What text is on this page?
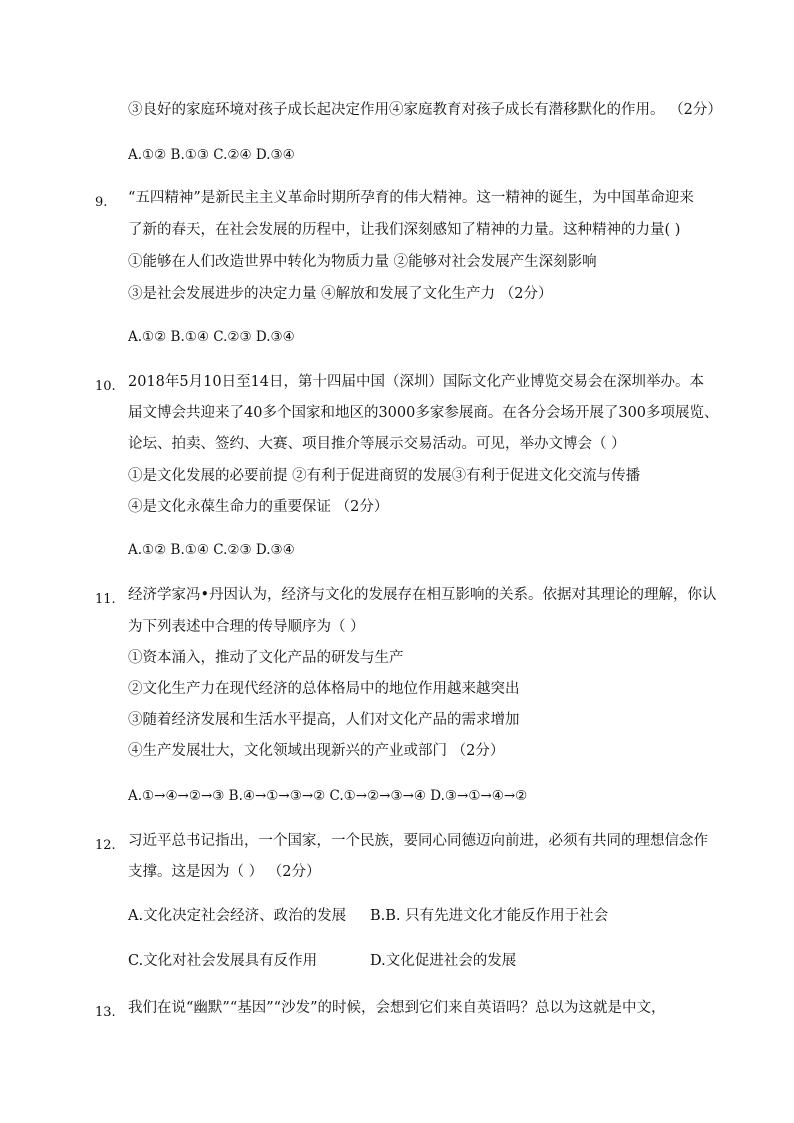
③良好的家庭环境对孩子成长起决定作用④家庭教育对孩子成长有潜移默化的作用。 （2分）
A.①② B.①③ C.②④ D.③④
9. “五四精神”是新民主主义革命时期所孕育的伟大精神。这一精神的诞生，为中国革命迎来
了新的春天，在社会发展的历程中，让我们深刻感知了精神的力量。这种精神的力量( )
①能够在人们改造世界中转化为物质力量 ②能够对社会发展产生深刻影响
③是社会发展进步的决定力量 ④解放和发展了文化生产力 （2分）
A.①② B.①④ C.②③ D.③④
10. 2018年5月10日至14日，第十四届中国（深圳）国际文化产业博览交易会在深圳举办。本
届文博会共迎来了40多个国家和地区的3000多家参展商。在各分会场开展了300多项展览、
论坛、拍卖、签约、大赛、项目推介等展示交易活动。可见，举办文博会（ ）
①是文化发展的必要前提 ②有利于促进商贸的发展③有利于促进文化交流与传播
④是文化永葆生命力的重要保证 （2分）
A.①② B.①④ C.②③ D.③④
11. 经济学家冯•丹因认为，经济与文化的发展存在相互影响的关系。依据对其理论的理解，你认
为下列表述中合理的传导顺序为（ ）
①资本涌入，推动了文化产品的研发与生产
②文化生产力在现代经济的总体格局中的地位作用越来越突出
③随着经济发展和生活水平提高，人们对文化产品的需求增加
④生产发展壮大，文化领域出现新兴的产业或部门 （2分）
A.①→④→②→③ B.④→①→③→② C.①→②→③→④ D.③→①→④→②
12. 习近平总书记指出，一个国家，一个民族，要同心同德迈向前进，必须有共同的理想信念作
支撑。这是因为（ ） （2分）
A.文化决定社会经济、政治的发展 B.B. 只有先进文化才能反作用于社会
C.文化对社会发展具有反作用	D.文化促进社会的发展
13. 我们在说“幽默”“基因”“沙发”的时候，会想到它们来自英语吗？总以为这就是中文，
